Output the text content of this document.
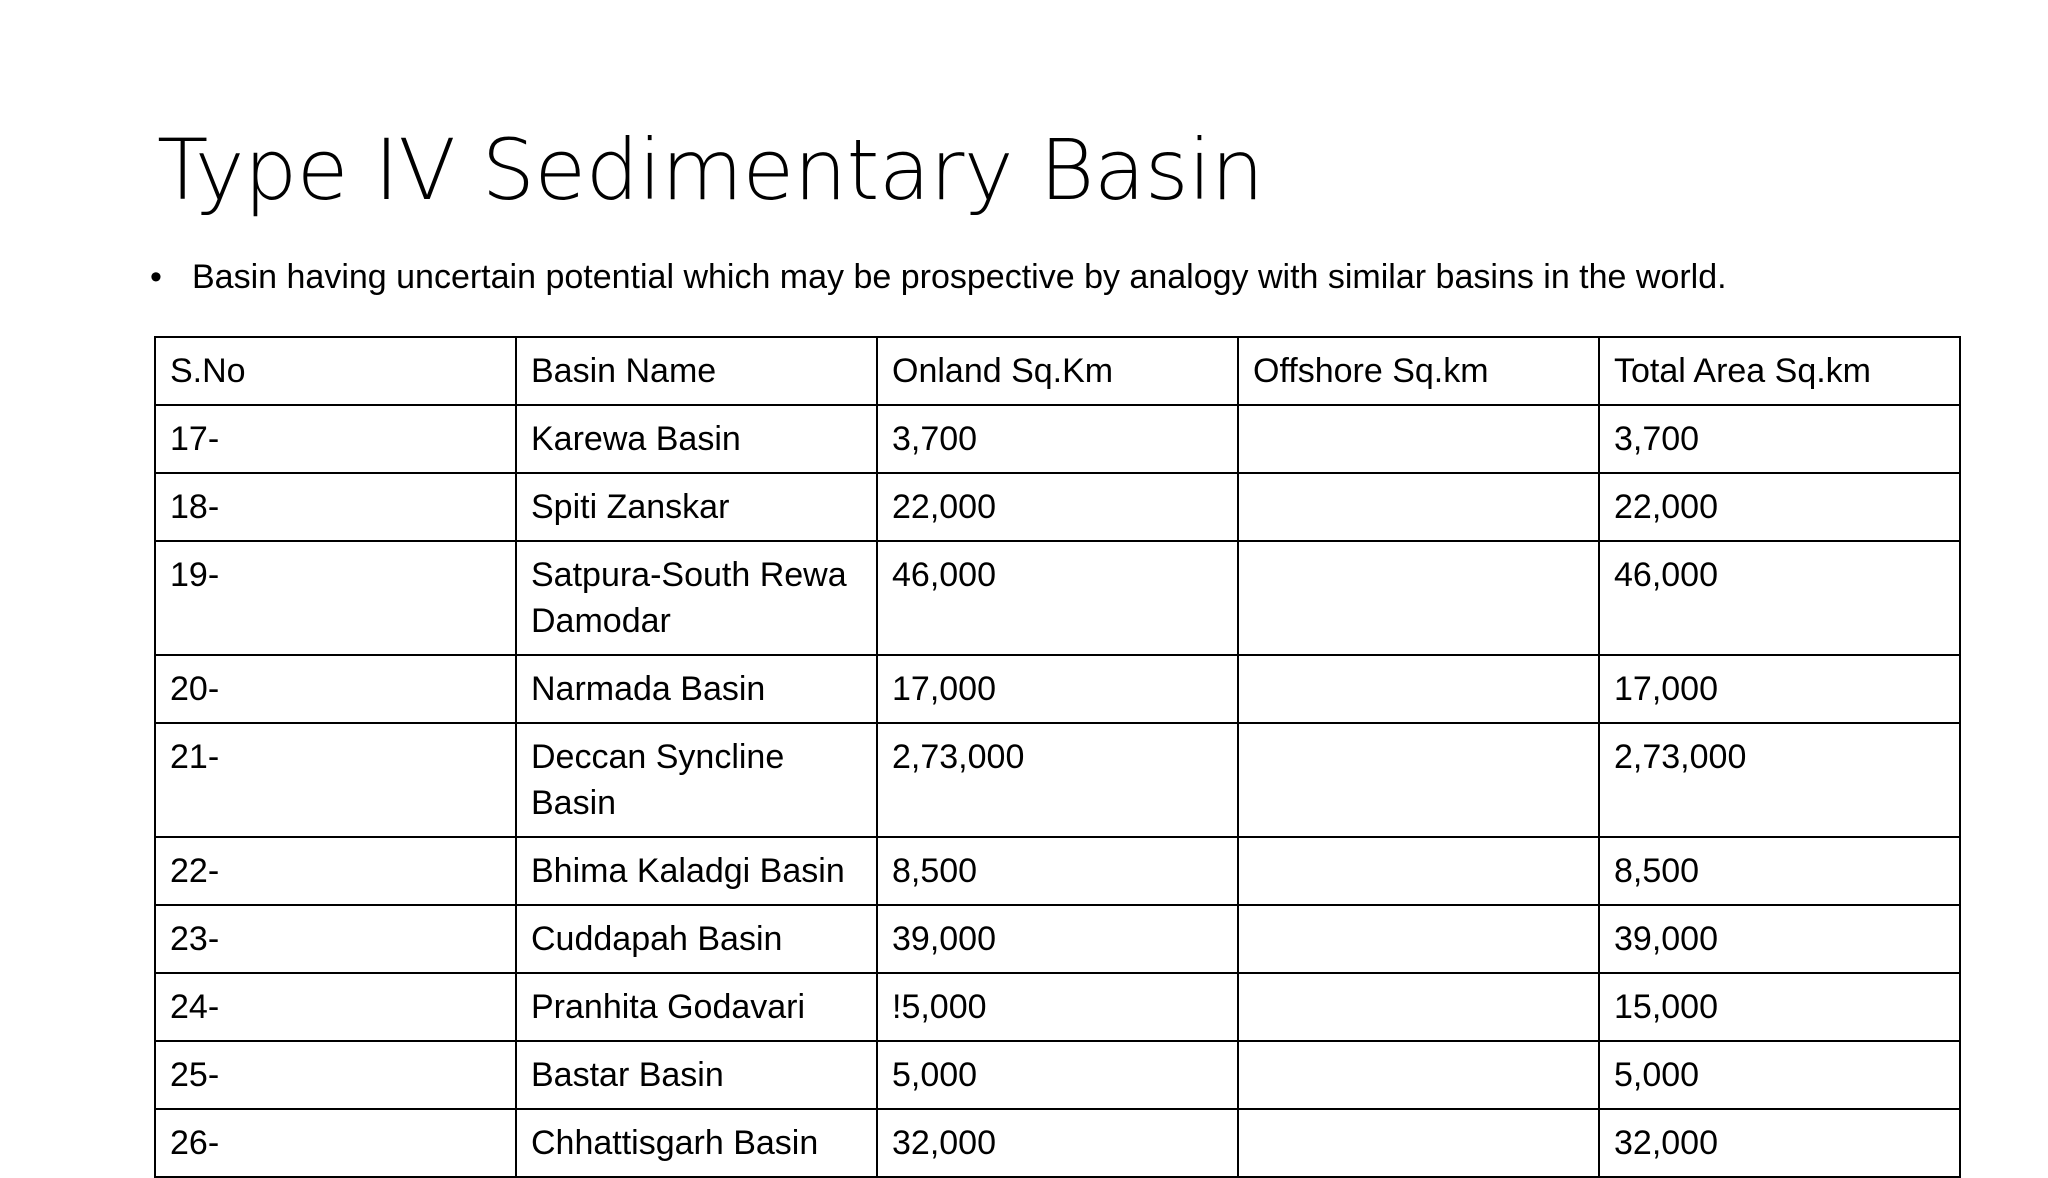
Type IV Sedimentary Basin

• Basin having uncertain potential which may be prospective by analogy with similar basins in the world.

S.No	Basin Name	Onland Sq.Km	Offshore Sq.km	Total Area Sq.km
17-	Karewa Basin	3,700		3,700
18-	Spiti Zanskar	22,000		22,000
19-	Satpura-South Rewa Damodar	46,000		46,000
20-	Narmada Basin	17,000		17,000
21-	Deccan Syncline Basin	2,73,000		2,73,000
22-	Bhima Kaladgi Basin	8,500		8,500
23-	Cuddapah Basin	39,000		39,000
24-	Pranhita Godavari	!5,000		15,000
25-	Bastar Basin	5,000		5,000
26-	Chhattisgarh Basin	32,000		32,000
